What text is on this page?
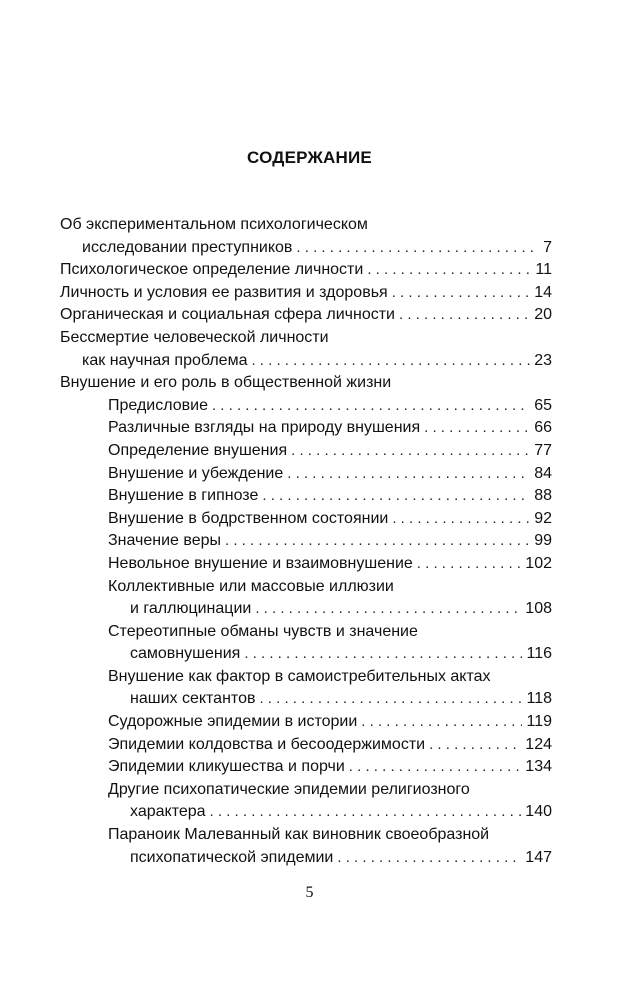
СОДЕРЖАНИЕ
Об экспериментальном психологическом
исследовании преступников . . .	7
Психологическое определение личности . . .	11
Личность и условия ее развития и здоровья . . .	14
Органическая и социальная сфера личности . . .	20
Бессмертие человеческой личности
как научная проблема . . .	23
Внушение и его роль в общественной жизни
Предисловие . . .	65
Различные взгляды на природу внушения . . .	66
Определение внушения . . .	77
Внушение и убеждение . . .	84
Внушение в гипнозе . . .	88
Внушение в бодрственном состоянии . . .	92
Значение веры . . .	99
Невольное внушение и взаимовнушение . . .	102
Коллективные или массовые иллюзии
и галлюцинации . . .	108
Стереотипные обманы чувств и значение
самовнушения . . .	116
Внушение как фактор в самоистребительных актах
наших сектантов . . .	118
Судорожные эпидемии в истории . . .	119
Эпидемии колдовства и бесоодержимости . . .	124
Эпидемии кликушества и порчи . . .	134
Другие психопатические эпидемии религиозного
характера . . .	140
Параноик Малеванный как виновник своеобразной
психопатической эпидемии . . .	147
5
